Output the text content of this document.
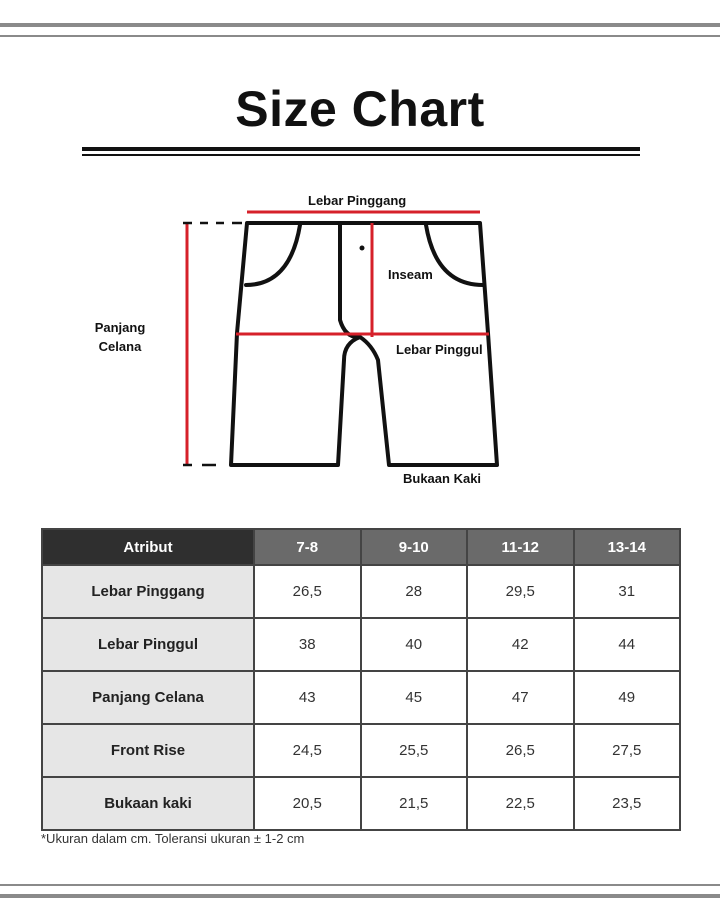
Size Chart
Lebar Pinggang
Inseam
Panjang
Celana	Lebar Pinggul
Bukaan Kaki
Atribut	7-8	9-10	11-12	13-14
Lebar Pinggang	26,5	28	29,5	31
Lebar Pinggul	38	40	42	44
Panjang Celana	43	45	47	49
Front Rise	24,5	25,5	26,5	27,5
Bukaan kaki	20,5	21,5	22,5	23,5
*Ukuran dalam cm. Toleransi ukuran ± 1-2 cm
